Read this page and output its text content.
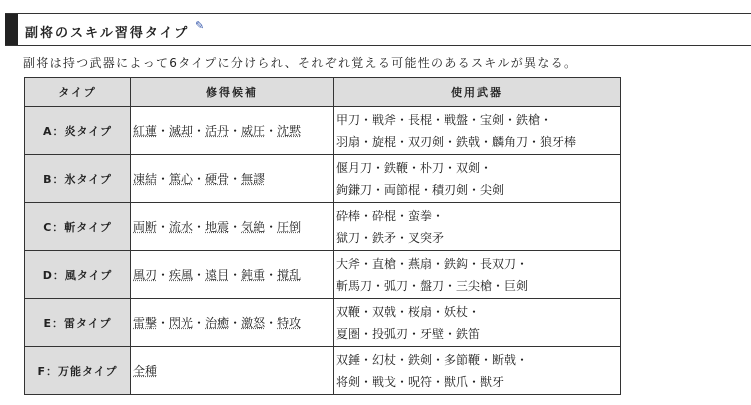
副将のスキル習得タイプ
✎
副将は持つ武器によって6タイプに分けられ、それぞれ覚える可能性のあるスキルが異なる。
タイプ	修得候補	使用武器
A：炎タイプ	紅蓮・滅却・活丹・威圧・沈黙	甲刀・戦斧・長棍・戦盤・宝剣・鉄槍・
羽扇・旋棍・双刃剣・鉄戟・麟角刀・狼牙棒

B：氷タイプ	凍結・篤心・硬骨・無謬	偃月刀・鉄鞭・朴刀・双剣・
鉤鎌刀・両節棍・積刃剣・尖剣

C：斬タイプ	両断・流水・地震・気絶・圧倒	砕棒・砕棍・蛮拳・
獄刀・鉄矛・叉突矛

D：風タイプ	風刃・疾風・遠目・鈍重・撹乱	大斧・直槍・燕扇・鉄鈎・長双刀・
斬馬刀・弧刀・盤刀・三尖槍・巨剣

E：雷タイプ	雷撃・閃光・治癒・激怒・特攻	双鞭・双戟・桜扇・妖杖・
夏圏・投弧刃・牙壁・鉄笛

F：万能タイプ	全種	双錘・幻杖・鉄剣・多節鞭・断戟・
将剣・戦戈・呪符・獣爪・獣牙
